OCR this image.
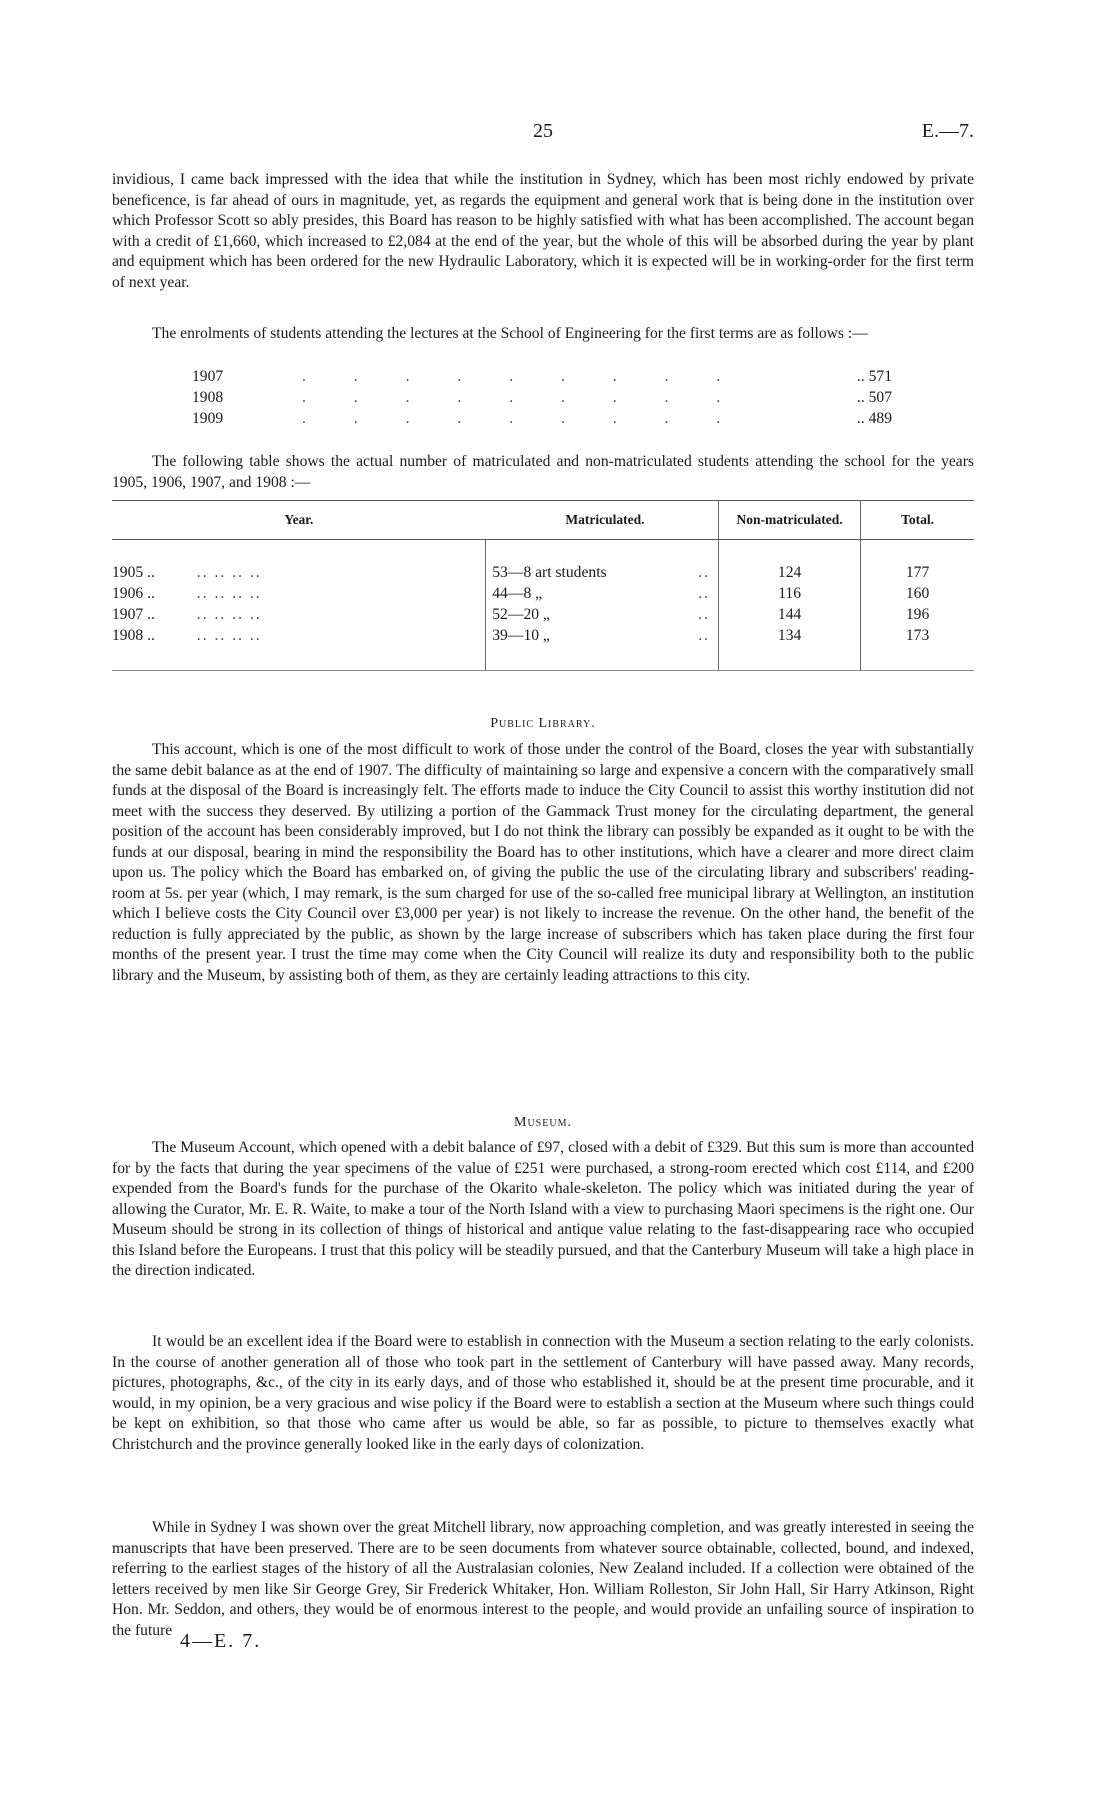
25	E.—7.

invidious, I came back impressed with the idea that while the institution in Sydney, which has been most richly endowed by private beneficence, is far ahead of ours in magnitude, yet, as regards the equipment and general work that is being done in the institution over which Professor Scott so ably presides, this Board has reason to be highly satisfied with what has been accomplished. The account began with a credit of £1,660, which increased to £2,084 at the end of the year, but the whole of this will be absorbed during the year by plant and equipment which has been ordered for the new Hydraulic Laboratory, which it is expected will be in working-order for the first term of next year.

The enrolments of students attending the lectures at the School of Engineering for the first terms are as follows :—

1907	. . . . . . . . .	.. 571
1908	. . . . . . . . .	.. 507
1909	. . . . . . . . .	.. 489

The following table shows the actual number of matriculated and non-matriculated students attending the school for the years 1905, 1906, 1907, and 1908 :—

Year.	Matriculated.	Non-matriculated.	Total.
1905 .. .. .. .. ..	53—8 art students ..	124	177
1906 .. .. .. .. ..	44—8 „ ..	116	160
1907 .. .. .. .. ..	52—20 „ ..	144	196
1908 .. .. .. .. ..	39—10 „ ..	134	173
Public Library.

This account, which is one of the most difficult to work of those under the control of the Board, closes the year with substantially the same debit balance as at the end of 1907. The difficulty of maintaining so large and expensive a concern with the comparatively small funds at the disposal of the Board is increasingly felt. The efforts made to induce the City Council to assist this worthy institution did not meet with the success they deserved. By utilizing a portion of the Gammack Trust money for the circulating department, the general position of the account has been considerably improved, but I do not think the library can possibly be expanded as it ought to be with the funds at our disposal, bearing in mind the responsibility the Board has to other institutions, which have a clearer and more direct claim upon us. The policy which the Board has embarked on, of giving the public the use of the circulating library and subscribers' reading-room at 5s. per year (which, I may remark, is the sum charged for use of the so-called free municipal library at Wellington, an institution which I believe costs the City Council over £3,000 per year) is not likely to increase the revenue. On the other hand, the benefit of the reduction is fully appreciated by the public, as shown by the large increase of subscribers which has taken place during the first four months of the present year. I trust the time may come when the City Council will realize its duty and responsibility both to the public library and the Museum, by assisting both of them, as they are certainly leading attractions to this city.

Museum.

The Museum Account, which opened with a debit balance of £97, closed with a debit of £329. But this sum is more than accounted for by the facts that during the year specimens of the value of £251 were purchased, a strong-room erected which cost £114, and £200 expended from the Board's funds for the purchase of the Okarito whale-skeleton. The policy which was initiated during the year of allowing the Curator, Mr. E. R. Waite, to make a tour of the North Island with a view to purchasing Maori specimens is the right one. Our Museum should be strong in its collection of things of historical and antique value relating to the fast-disappearing race who occupied this Island before the Europeans. I trust that this policy will be steadily pursued, and that the Canterbury Museum will take a high place in the direction indicated.

It would be an excellent idea if the Board were to establish in connection with the Museum a section relating to the early colonists. In the course of another generation all of those who took part in the settlement of Canterbury will have passed away. Many records, pictures, photographs, &c., of the city in its early days, and of those who established it, should be at the present time procurable, and it would, in my opinion, be a very gracious and wise policy if the Board were to establish a section at the Museum where such things could be kept on exhibition, so that those who came after us would be able, so far as possible, to picture to themselves exactly what Christchurch and the province generally looked like in the early days of colonization.

While in Sydney I was shown over the great Mitchell library, now approaching completion, and was greatly interested in seeing the manuscripts that have been preserved. There are to be seen documents from whatever source obtainable, collected, bound, and indexed, referring to the earliest stages of the history of all the Australasian colonies, New Zealand included. If a collection were obtained of the letters received by men like Sir George Grey, Sir Frederick Whitaker, Hon. William Rolleston, Sir John Hall, Sir Harry Atkinson, Right Hon. Mr. Seddon, and others, they would be of enormous interest to the people, and would provide an unfailing source of inspiration to the future 4—E. 7.
